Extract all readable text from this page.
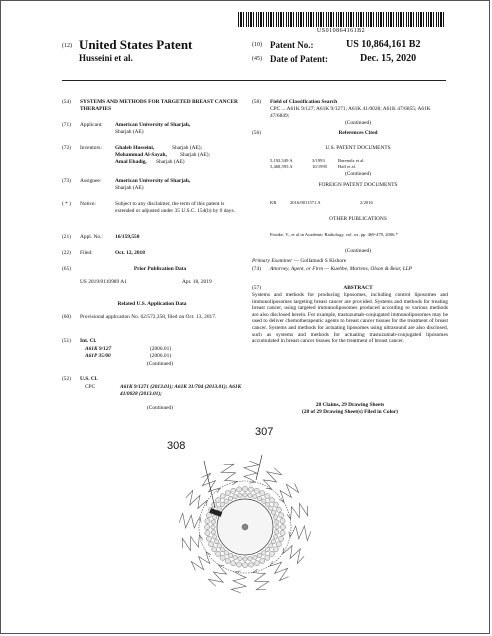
US010864161B2
(12) United States Patent
Husseini et al.
(10) Patent No.:	US 10,864,161 B2
(45) Date of Patent:	Dec. 15, 2020
(54) SYSTEMS AND METHODS FOR TARGETED BREAST CANCER THERAPIES
(71) Applicant: American University of Sharjah,
Sharjah (AE)
(72) Inventors: Ghaleb Husseini,	Sharjah (AE);
Mohammad Al-Sayah, Sharjah (AE);
Amal Ebadig, Sharjah (AE)
(73) Assignee:	American University of Sharjah,
Sharjah (AE)
( * ) Notice:	Subject to any disclaimer, the term of this patent is extended or adjusted under 35 U.S.C. 154(b) by 0 days.
(21) Appl. No.: 16/159,550
(22) Filed:	Oct. 12, 2018
(65)	Prior Publication Data
US 2019/0110989 A1	Apr. 18, 2019
Related U.S. Application Data
(60) Provisional application No. 62/572,358, filed on Oct. 13, 2017.
(51) Int. Cl.
A61K 9/127	(2006.01)
A61P 35/00	(2006.01)
(Continued)
(52) U.S. Cl.
CPC	A61K 9/1271 (2013.01); A61K 31/704 (2013.01); A61K 41/0028 (2013.01);
(Continued)
(58) Field of Classification Search
CPC ... A61K 9/127; A61K 9/1271; A61K 41/0028; A61K 47/6855; A61K 47/6849;
(Continued)
(56)	References Cited
U.S. PATENT DOCUMENTS
5,192,549 A	3/1993	Barenolz et al.
5,468,595 A	10/1995 Hall et al.
(Continued)
FOREIGN PATENT DOCUMENTS
KR	2016/0011571 A	2/2016
OTHER PUBLICATIONS
Fronke, V., et al in Academic Radiology, vol. xx, pp. 469-479, 2006.*
(Continued)
Primary Examiner — Gollamudi S Kishore
(74) Attorney, Agent, or Firm — Kuebbe, Martens, Olson & Bear, LLP
(57)	ABSTRACT
Systems and methods for producing liposomes, including control liposomes and immunoliposomes targeting breast cancer are provided. Systems and methods for treating breast cancer, using targeted immunoliposomes produced according to various methods are also disclosed herein. For example, trastuzumab-conjugated immunoliposomes may be used to deliver chemotherapeutic agents to breast cancer tissues for the treatment of breast cancer. Systems and methods for actuating liposomes using ultrasound are also disclosed, such as systems and methods for actuating trastuzumab-conjugated liposomes accumulated in breast cancer tissues for the treatment of breast cancer.
28 Claims, 29 Drawing Sheets
(28 of 29 Drawing Sheet(s) Filed in Color)
308
307
